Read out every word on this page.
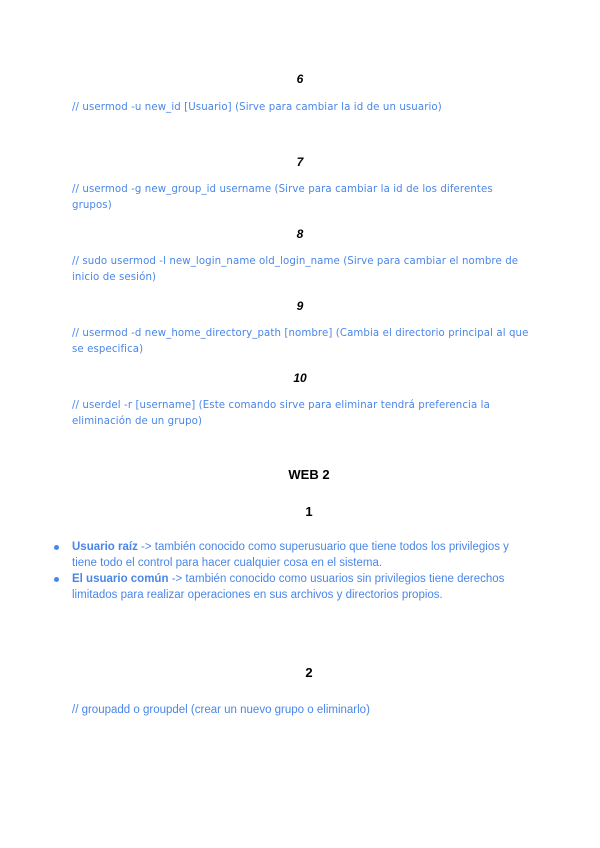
6
// usermod -u new_id [Usuario] (Sirve para cambiar la id de un usuario)
7
// usermod -g new_group_id username (Sirve para cambiar la id de los diferentes grupos)
8
// sudo usermod -l new_login_name old_login_name (Sirve para cambiar el nombre de inicio de sesión)
9
// usermod -d new_home_directory_path [nombre] (Cambia el directorio principal al que se especifica)
10
// userdel -r [username] (Este comando sirve para eliminar tendrá preferencia la eliminación de un grupo)
WEB 2
1
Usuario raíz -> también conocido como superusuario que tiene todos los privilegios y tiene todo el control para hacer cualquier cosa en el sistema.
El usuario común -> también conocido como usuarios sin privilegios tiene derechos limitados para realizar operaciones en sus archivos y directorios propios.
2
// groupadd o groupdel (crear un nuevo grupo o eliminarlo)
